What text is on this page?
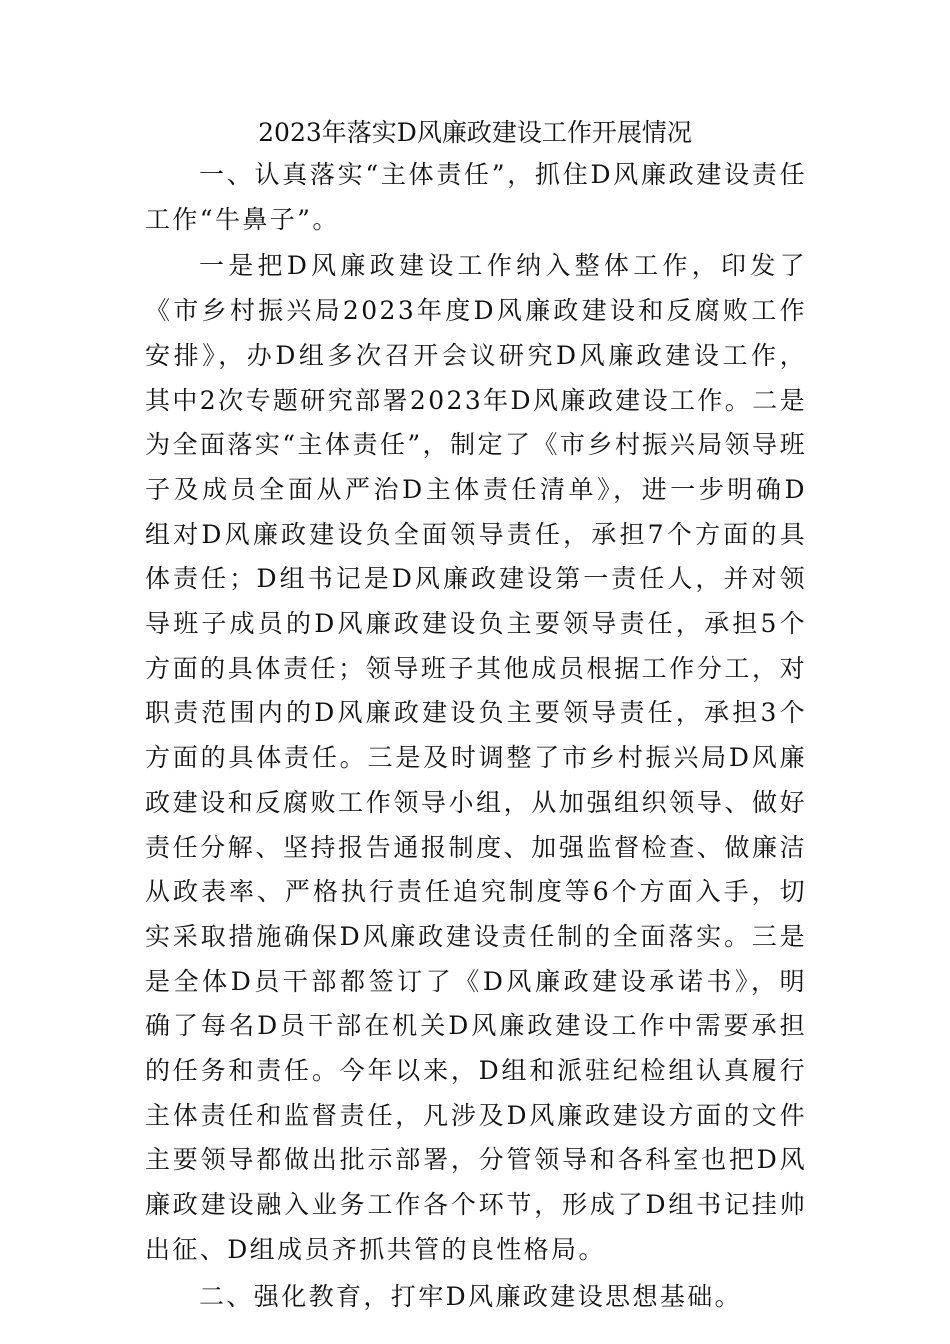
2023年落实D风廉政建设工作开展情况

一、认真落实“主体责任”，抓住D风廉政建设责任工作“牛鼻子”。

一是把D风廉政建设工作纳入整体工作，印发了《市乡村振兴局2023年度D风廉政建设和反腐败工作安排》，办D组多次召开会议研究D风廉政建设工作，其中2次专题研究部署2023年D风廉政建设工作。二是为全面落实“主体责任”，制定了《市乡村振兴局领导班子及成员全面从严治D主体责任清单》，进一步明确D组对D风廉政建设负全面领导责任，承担7个方面的具体责任；D组书记是D风廉政建设第一责任人，并对领导班子成员的D风廉政建设负主要领导责任，承担5个方面的具体责任；领导班子其他成员根据工作分工，对职责范围内的D风廉政建设负主要领导责任，承担3个方面的具体责任。三是及时调整了市乡村振兴局D风廉政建设和反腐败工作领导小组，从加强组织领导、做好责任分解、坚持报告通报制度、加强监督检查、做廉洁从政表率、严格执行责任追究制度等6个方面入手，切实采取措施确保D风廉政建设责任制的全面落实。三是是全体D员干部都签订了《D风廉政建设承诺书》，明确了每名D员干部在机关D风廉政建设工作中需要承担的任务和责任。今年以来，D组和派驻纪检组认真履行主体责任和监督责任，凡涉及D风廉政建设方面的文件主要领导都做出批示部署，分管领导和各科室也把D风廉政建设融入业务工作各个环节，形成了D组书记挂帅出征、D组成员齐抓共管的良性格局。

二、强化教育，打牢D风廉政建设思想基础。
